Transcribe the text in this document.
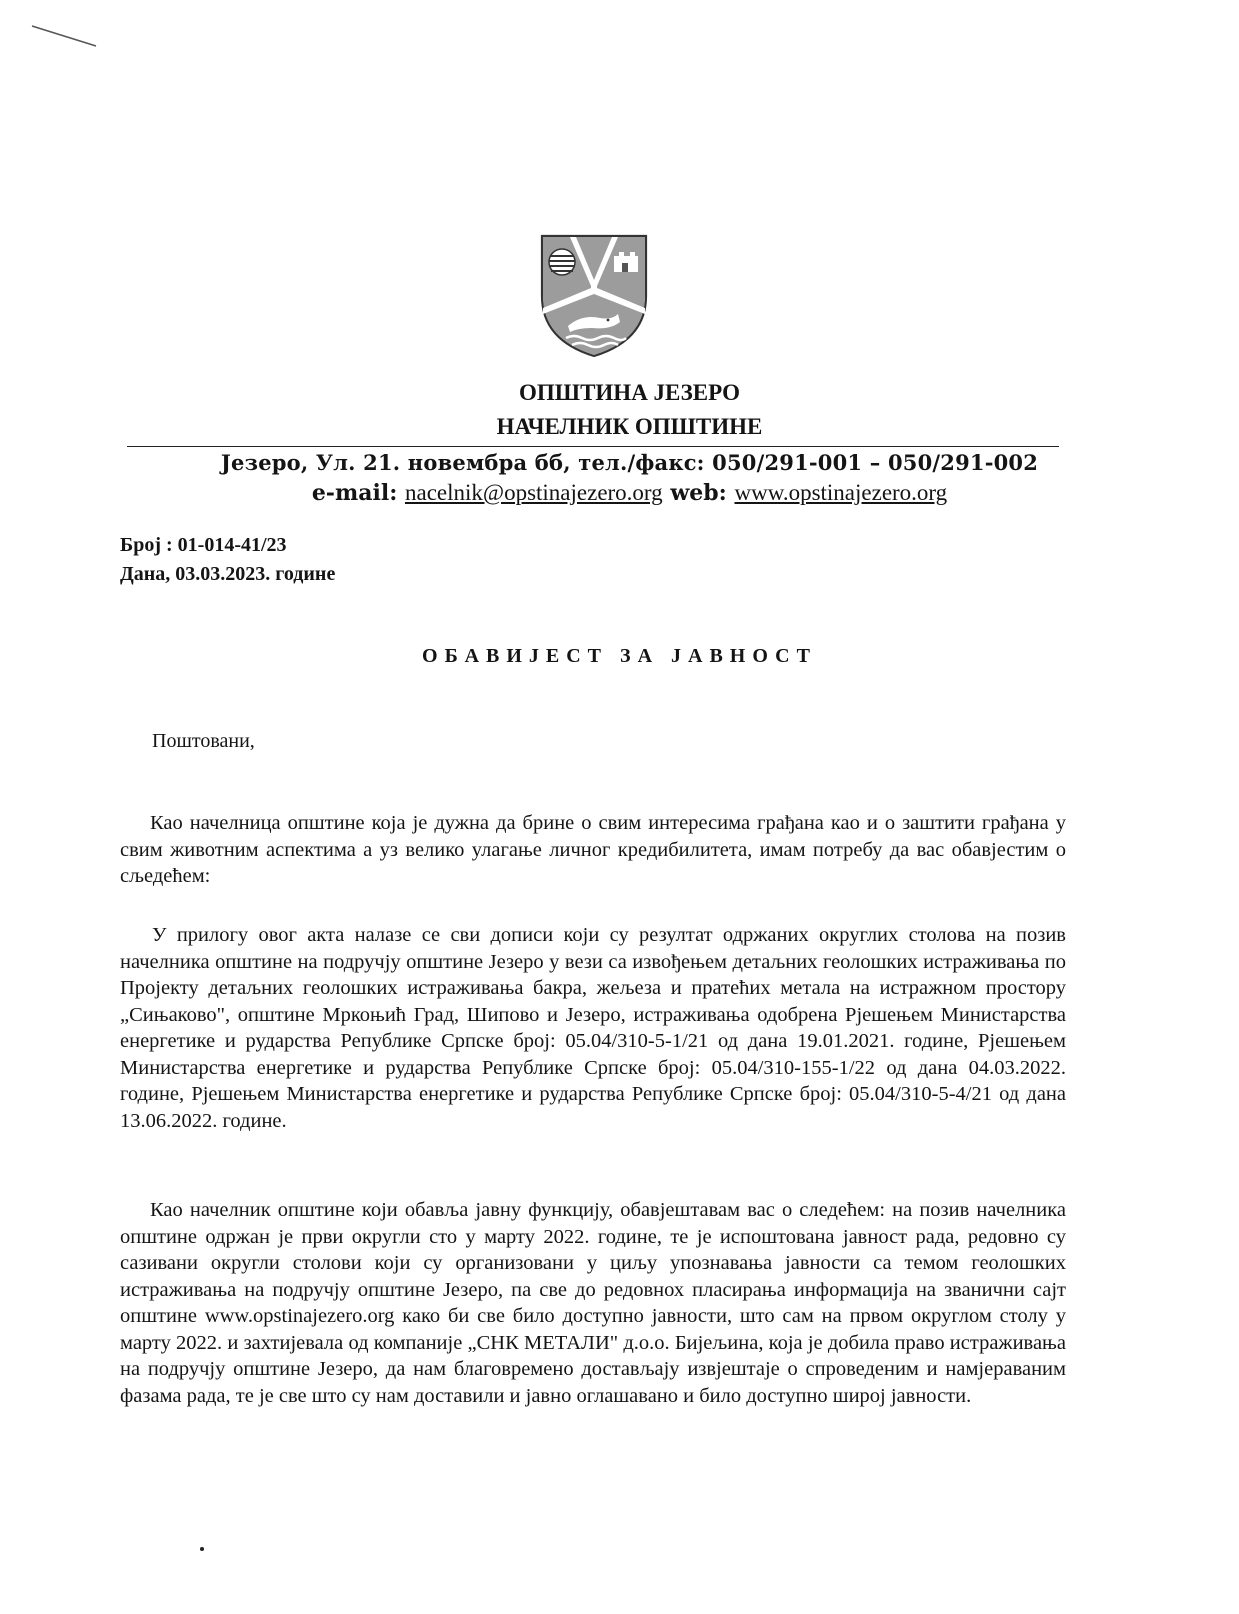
ОПШТИНА ЈЕЗЕРО
НАЧЕЛНИК ОПШТИНЕ
Језеро, Ул. 21. новембра бб, тел./факс: 050/291-001 – 050/291-002
e-mail: nacelnik@opstinajezero.org web: www.opstinajezero.org
Број : 01-014-41/23
Дана, 03.03.2023. године
ОБАВИЈЕСТ ЗА ЈАВНОСТ
Поштовани,
Као начелница општине која је дужна да брине о свим интересима грађана као и о заштити грађана у свим животним аспектима а уз велико улагање личног кредибилитета, имам потребу да вас обавјестим о сљедећем:
У прилогу овог акта налазе се сви дописи који су резултат одржаних округлих столова на позив начелника општине на подручју општине Језеро у вези са извођењем детаљних геолошких истраживања по Пројекту детаљних геолошких истраживања бакра, жељеза и пратећих метала на истражном простору „Сињаково", општине Мркоњић Град, Шипово и Језеро, истраживања одобрена Рјешењем Министарства енергетике и рударства Републике Српске број: 05.04/310-5-1/21 од дана 19.01.2021. године, Рјешењем Министарства енергетике и рударства Републике Српске број: 05.04/310-155-1/22 од дана 04.03.2022. године, Рјешењем Министарства енергетике и рударства Републике Српске број: 05.04/310-5-4/21 од дана 13.06.2022. године.
Као начелник општине који обавља јавну функцију, обавјештавам вас о следећем: на позив начелника општине одржан је први округли сто у марту 2022. године, те је испоштована јавност рада, редовно су сазивани округли столови који су организовани у циљу упознавања јавности са темом геолошких истраживања на подручју општине Језеро, па све до редовнох пласирања информација на званични сајт општине www.opstinajezero.org како би све било доступно јавности, што сам на првом округлом столу у марту 2022. и захтијевала од компаније „СНК МЕТАЛИ" д.о.о. Бијељина, која је добила право истраживања на подручју општине Језеро, да нам благовремено достављају извјештаје о спроведеним и намјераваним фазама рада, те је све што су нам доставили и јавно оглашавано и било доступно широј јавности.
